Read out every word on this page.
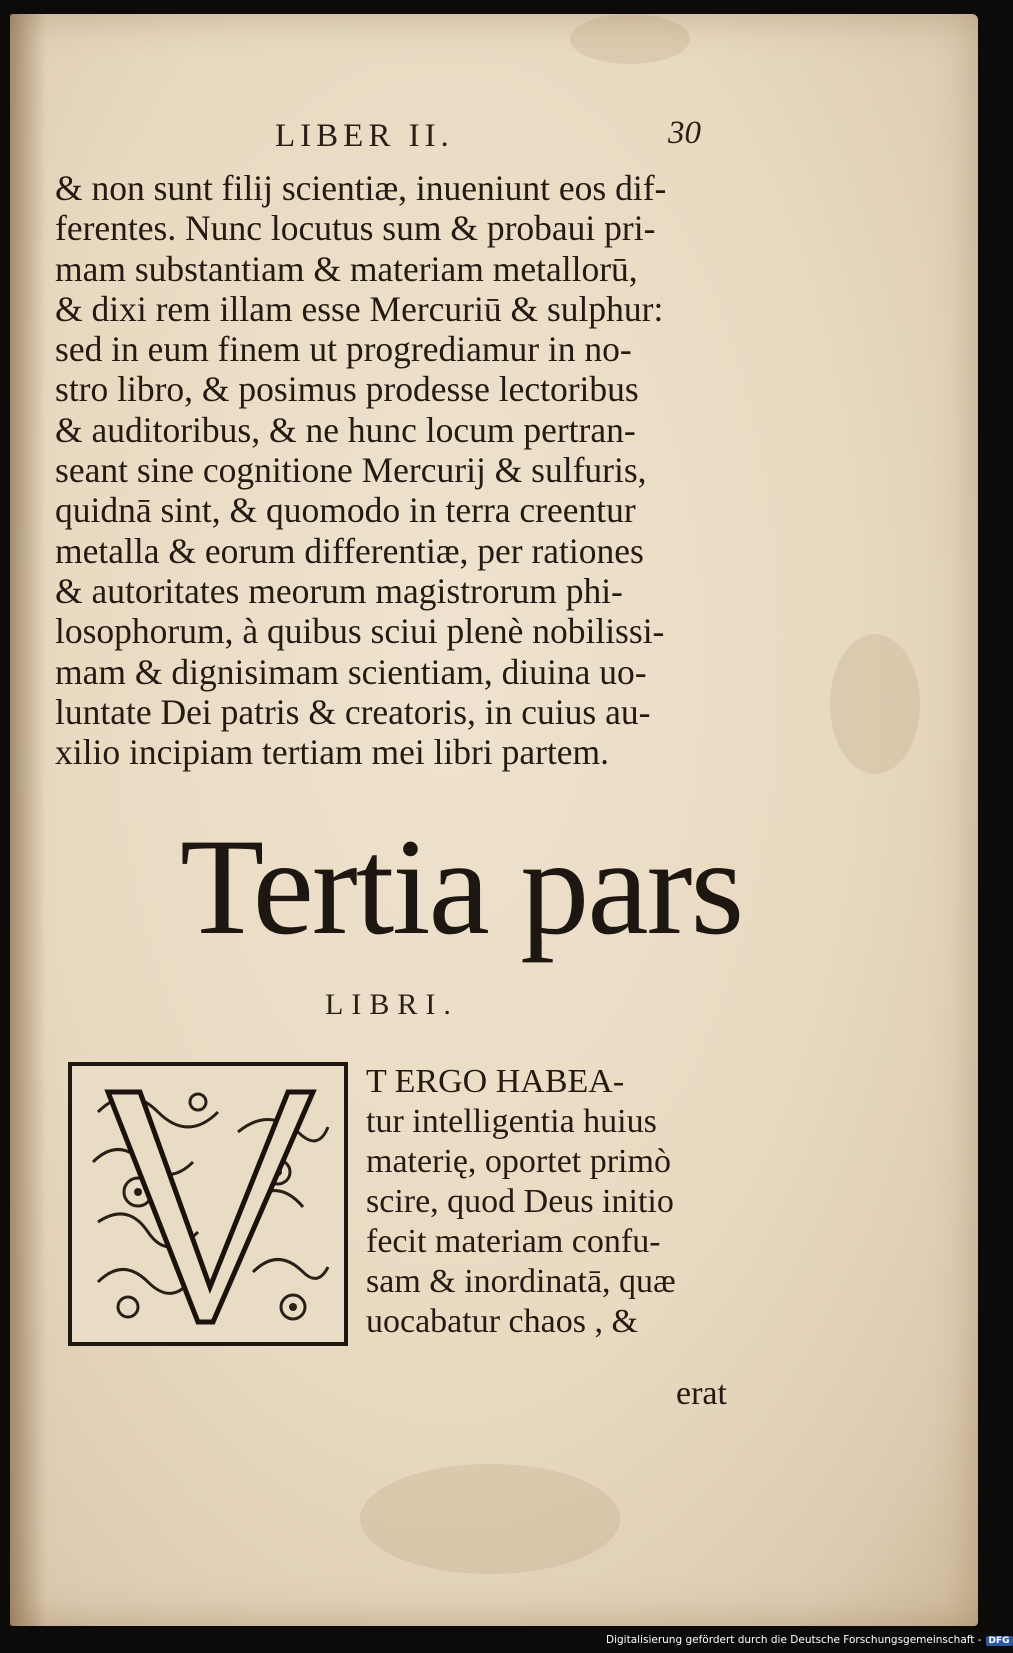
LIBER II.	30
& non sunt filij scientiæ, inueniunt eos dif-
ferentes. Nunc locutus sum & probaui pri-
mam substantiam & materiam metallorū,
& dixi rem illam esse Mercuriū & sulphur:
sed in eum finem ut progrediamur in no-
stro libro, & posimus prodesse lectoribus
& auditoribus, & ne hunc locum pertran-
seant sine cognitione Mercurij & sulfuris,
quidnā sint, & quomodo in terra creentur
metalla & eorum differentiæ, per rationes
& autoritates meorum magistrorum phi-
losophorum, à quibus sciui plenè nobilissi-
mam & dignisimam scientiam, diuina uo-
luntate Dei patris & creatoris, in cuius au-
xilio incipiam tertiam mei libri partem.
Tertia pars
LIBRI.
T ERGO HABEA-
tur intelligentia huius
materię, oportet primò
scire, quod Deus initio
fecit materiam confu-
sam & inordinatā, quæ
uocabatur chaos , &
erat
Digitalisierung gefördert durch die Deutsche Forschungsgemeinschaft - DFG
